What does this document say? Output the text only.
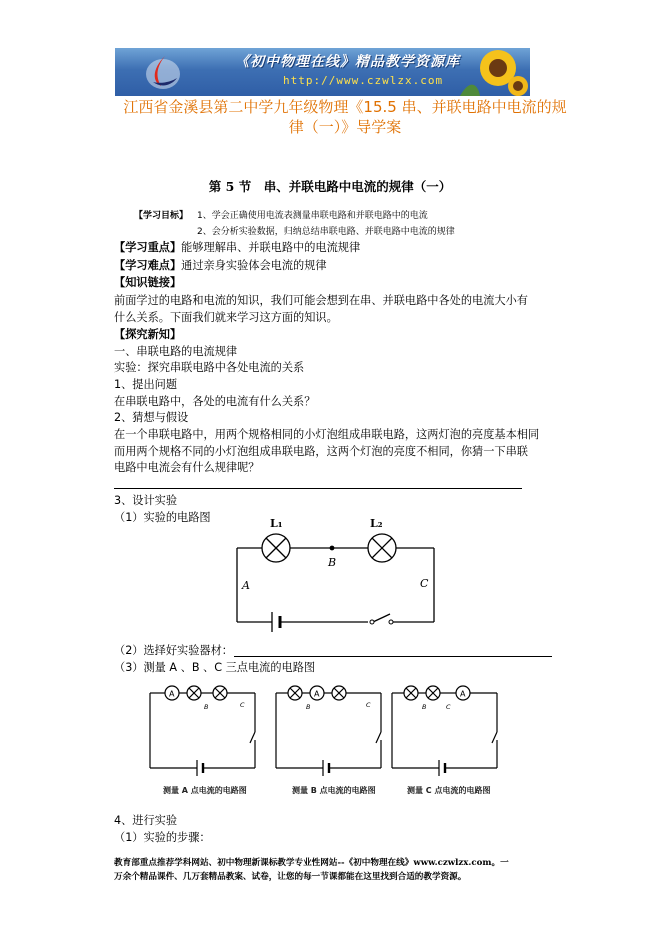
《初中物理在线》精品教学资源库
http://www.czwlzx.com
江西省金溪县第二中学九年级物理《15.5 串、并联电路中电流的规
律（一）》导学案
第 5 节　串、并联电路中电流的规律（一）
【学习目标】 1、学会正确使用电流表测量串联电路和并联电路中的电流
2、会分析实验数据，归纳总结串联电路、并联电路中电流的规律
【学习重点】能够理解串、并联电路中的电流规律
【学习难点】通过亲身实验体会电流的规律
【知识链接】
前面学过的电路和电流的知识，我们可能会想到在串、并联电路中各处的电流大小有
什么关系。下面我们就来学习这方面的知识。
【探究新知】
一、串联电路的电流规律
实验：探究串联电路中各处电流的关系
1、提出问题
在串联电路中，各处的电流有什么关系？
2、猜想与假设
在一个串联电路中，用两个规格相同的小灯泡组成串联电路，这两灯泡的亮度基本相同
而用两个规格不同的小灯泡组成串联电路，这两个灯泡的亮度不相同，你猜一下串联
电路中电流会有什么规律呢？
3、设计实验
（1）实验的电路图	L₁	L₂
B
A	C
（2）选择好实验器材：
（3）测量 A 、B 、C 三点电流的电路图
A
B	C
A
B	C
A
B	C
测量 A 点电流的电路图	测量 B 点电流的电路图	测量 C 点电流的电路图
4、进行实验
（1）实验的步骤：
教育部重点推荐学科网站、初中物理新课标教学专业性网站--《初中物理在线》www.czwlzx.com。一
万余个精品课件、几万套精品教案、试卷，让您的每一节课都能在这里找到合适的教学资源。
